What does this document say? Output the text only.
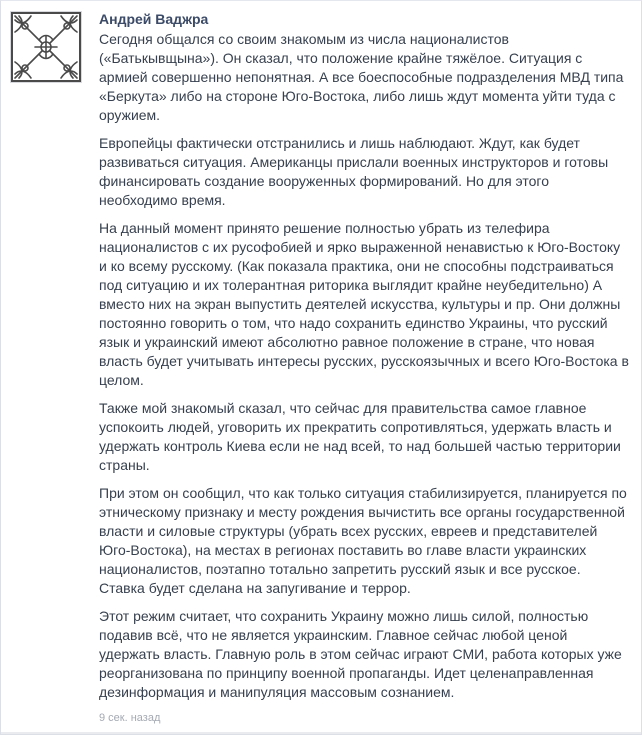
Андрей Ваджра

Сегодня общался со своим знакомым из числа националистов («Батькывщына»). Он сказал, что положение крайне тяжёлое. Ситуация с армией совершенно непонятная. А все боеспособные подразделения МВД типа «Беркута» либо на стороне Юго-Востока, либо лишь ждут момента уйти туда с оружием.

Европейцы фактически отстранились и лишь наблюдают. Ждут, как будет развиваться ситуация. Американцы прислали военных инструкторов и готовы финансировать создание вооруженных формирований. Но для этого необходимо время.

На данный момент принято решение полностью убрать из телефира националистов с их русофобией и ярко выраженной ненавистью к Юго-Востоку и ко всему русскому. (Как показала практика, они не способны подстраиваться под ситуацию и их толерантная риторика выглядит крайне неубедительно) А вместо них на экран выпустить деятелей искусства, культуры и пр. Они должны постоянно говорить о том, что надо сохранить единство Украины, что русский язык и украинский имеют абсолютно равное положение в стране, что новая власть будет учитывать интересы русских, русскоязычных и всего Юго-Востока в целом.

Также мой знакомый сказал, что сейчас для правительства самое главное успокоить людей, уговорить их прекратить сопротивляться, удержать власть и удержать контроль Киева если не над всей, то над большей частью территории страны.

При этом он сообщил, что как только ситуация стабилизируется, планируется по этническому признаку и месту рождения вычистить все органы государственной власти и силовые структуры (убрать всех русских, евреев и представителей Юго-Востока), на местах в регионах поставить во главе власти украинских националистов, поэтапно тотально запретить русский язык и все русское. Ставка будет сделана на запугивание и террор.

Этот режим считает, что сохранить Украину можно лишь силой, полностью подавив всё, что не является украинским. Главное сейчас любой ценой удержать власть. Главную роль в этом сейчас играют СМИ, работа которых уже реорганизована по принципу военной пропаганды. Идет целенаправленная дезинформация и манипуляция массовым сознанием.

9 сек. назад
